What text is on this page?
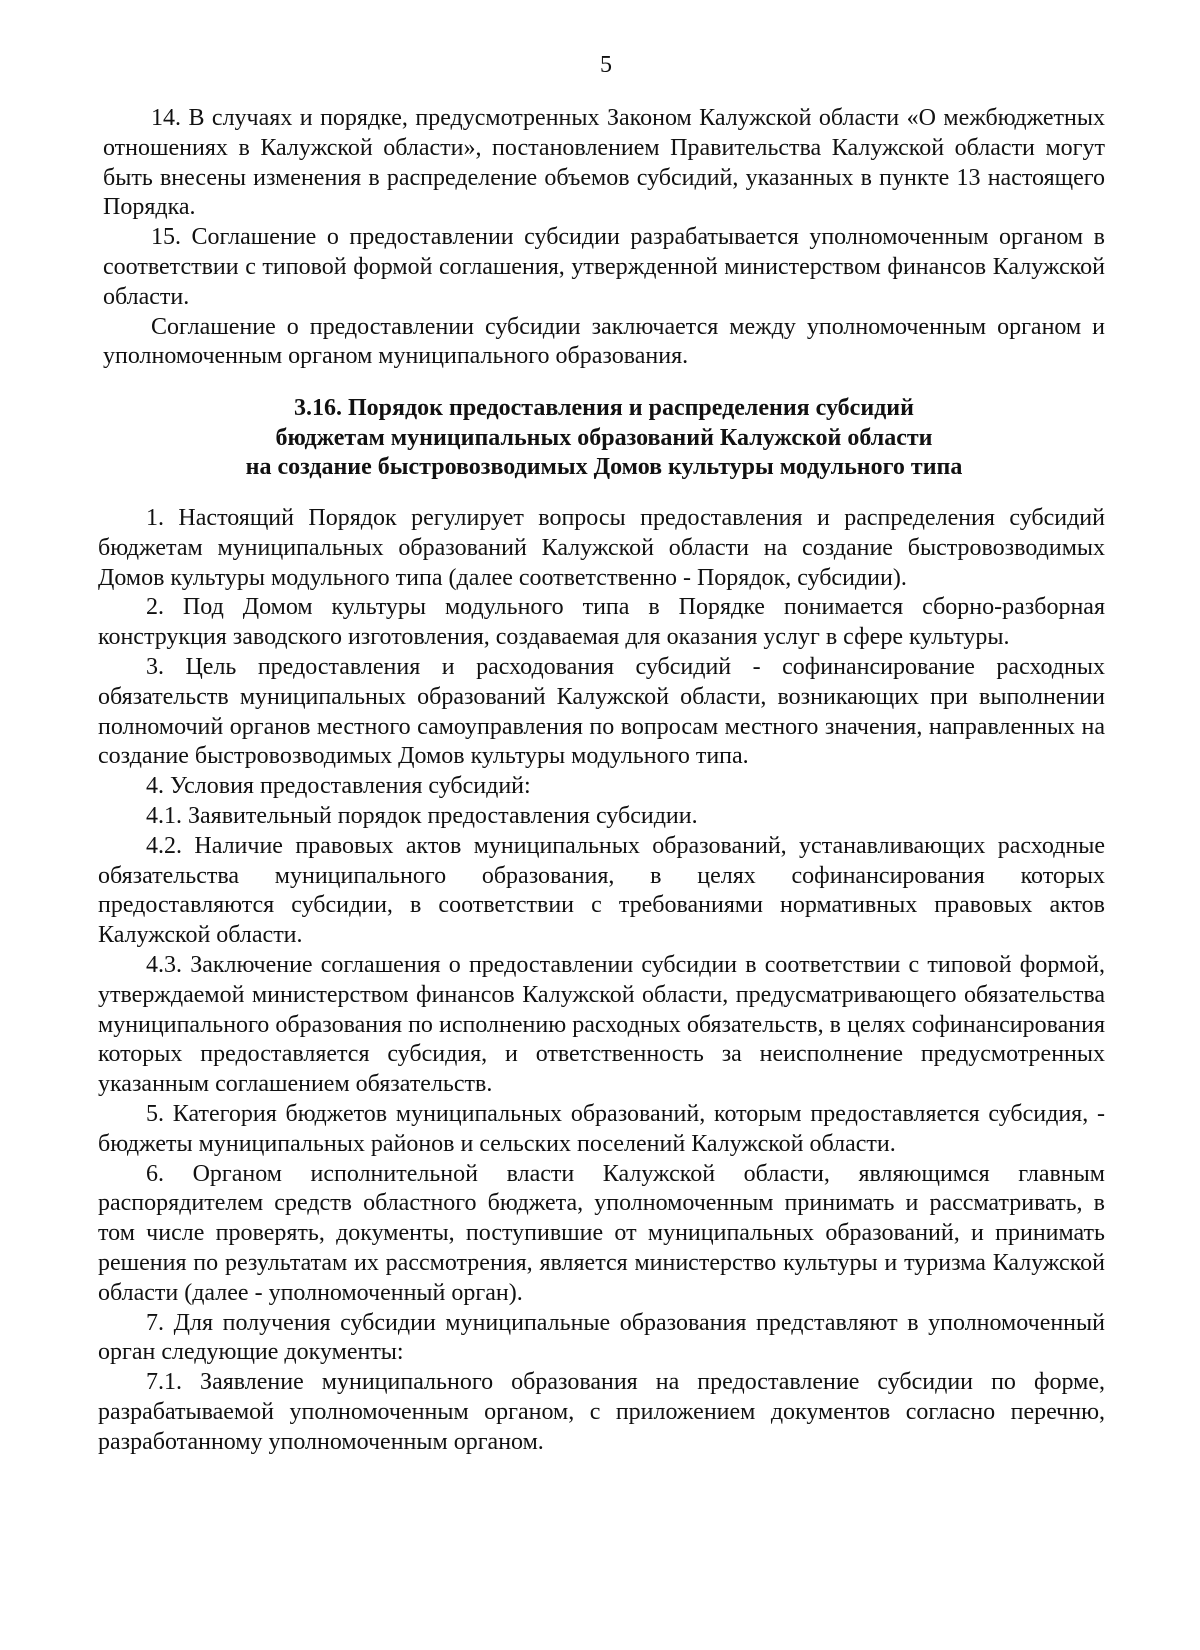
5

14. В случаях и порядке, предусмотренных Законом Калужской области «О межбюджетных отношениях в Калужской области», постановлением Правительства Калужской области могут быть внесены изменения в распределение объемов субсидий, указанных в пункте 13 настоящего Порядка.

15. Соглашение о предоставлении субсидии разрабатывается уполномоченным органом в соответствии с типовой формой соглашения, утвержденной министерством финансов Калужской области.

Соглашение о предоставлении субсидии заключается между уполномоченным органом и уполномоченным органом муниципального образования.

3.16. Порядок предоставления и распределения субсидий
бюджетам муниципальных образований Калужской области
на создание быстровозводимых Домов культуры модульного типа

1. Настоящий Порядок регулирует вопросы предоставления и распределения субсидий бюджетам муниципальных образований Калужской области на создание быстровозводимых Домов культуры модульного типа (далее соответственно - Порядок, субсидии).

2. Под Домом культуры модульного типа в Порядке понимается сборно-разборная конструкция заводского изготовления, создаваемая для оказания услуг в сфере культуры.

3. Цель предоставления и расходования субсидий - софинансирование расходных обязательств муниципальных образований Калужской области, возникающих при выполнении полномочий органов местного самоуправления по вопросам местного значения, направленных на создание быстровозводимых Домов культуры модульного типа.

4. Условия предоставления субсидий:

4.1. Заявительный порядок предоставления субсидии.

4.2. Наличие правовых актов муниципальных образований, устанавливающих расходные обязательства муниципального образования, в целях софинансирования которых предоставляются субсидии, в соответствии с требованиями нормативных правовых актов Калужской области.

4.3. Заключение соглашения о предоставлении субсидии в соответствии с типовой формой, утверждаемой министерством финансов Калужской области, предусматривающего обязательства муниципального образования по исполнению расходных обязательств, в целях софинансирования которых предоставляется субсидия, и ответственность за неисполнение предусмотренных указанным соглашением обязательств.

5. Категория бюджетов муниципальных образований, которым предоставляется субсидия, - бюджеты муниципальных районов и сельских поселений Калужской области.

6. Органом исполнительной власти Калужской области, являющимся главным распорядителем средств областного бюджета, уполномоченным принимать и рассматривать, в том числе проверять, документы, поступившие от муниципальных образований, и принимать решения по результатам их рассмотрения, является министерство культуры и туризма Калужской области (далее - уполномоченный орган).

7. Для получения субсидии муниципальные образования представляют в уполномоченный орган следующие документы:

7.1. Заявление муниципального образования на предоставление субсидии по форме, разрабатываемой уполномоченным органом, с приложением документов согласно перечню, разработанному уполномоченным органом.
